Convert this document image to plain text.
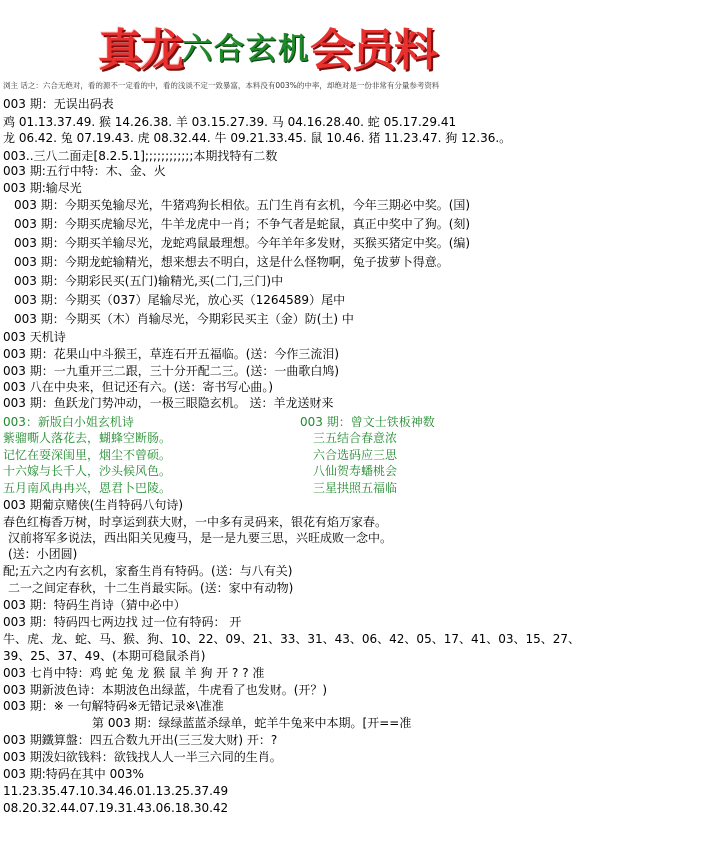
真龙六合玄机会员料
浏主 话之：六合无绝对，看的源不一定看的中，看的浅谈不定一致暴富，本料没有003%的中率，却绝对是一份非常有分量参考资料
003 期：无误出码表
鸡 01.13.37.49. 猴 14.26.38. 羊 03.15.27.39. 马 04.16.28.40. 蛇 05.17.29.41
龙 06.42. 兔 07.19.43. 虎 08.32.44. 牛 09.21.33.45. 鼠 10.46. 猪 11.23.47. 狗 12.36.。
003..三八二面走[8.2.5.1];;;;;;;;;;;;本期找特有二数
003 期:五行中特：木、金、火
003 期:输尽光
003 期：今期买兔输尽光，牛猪鸡狗长相依。五门生肖有玄机，今年三期必中奖。(国)
003 期：今期买虎输尽光，牛羊龙虎中一肖；不争气者是蛇鼠，真正中奖中了狗。(刻)
003 期：今期买羊输尽光，龙蛇鸡鼠最理想。今年羊年多发财，买猴买猪定中奖。(编)
003 期：今期龙蛇输精光，想来想去不明白，这是什么怪物啊，兔子拔萝卜得意。
003 期：今期彩民买(五门)输精光,买(二门,三门)中
003 期：今期买（037）尾输尽光，放心买（1264589）尾中
003 期：今期买（木）肖输尽光，今期彩民买主（金）防(土) 中
003 天机诗
003 期：花果山中斗猴王，草连石开五福临。(送：今作三流泪)
003 期：一九重开三二跟，三十分开配二三。(送：一曲歌白鸠)
003 八在中央来，但记还有六。(送：寄书写心曲。)
003 期：鱼跃龙门势冲动，一极三眼隐玄机。 送：羊龙送财来
003：新版白小姐玄机诗
紫骝嘶人落花去，蝴蜂空断肠。
记忆在耍深闺里，烟尘不曾硕。
十六嫁与长千人，沙头候风色。
五月南风冉冉兴，恩君卜巴陵。
003 期：曾文士铁板神数
三五结合春意浓
六合选码应三思
八仙贺寿蟠桃会
三星拱照五福临
003 期葡京赌侠(生肖特码八句诗)
春色红梅香万树，时享运到获大财，一中多有灵码来，银花有焰万家春。
汉前将军多说法，西出阳关见瘦马，是一是九要三思，兴旺成败一念中。
(送：小团圆)
配;五六之内有玄机，家畜生肖有特码。(送：与八有关)
二一之间定春秋，十二生肖最实际。(送：家中有动物)
003 期：特码生肖诗（猜中必中）
003 期：特码四七两边找 过一位有特码： 开
牛、虎、龙、蛇、马、猴、狗、10、22、09、21、33、31、43、06、42、05、17、41、03、15、27、
39、25、37、49、(本期可稳鼠杀肖)
003 七肖中特：鸡 蛇 兔 龙 猴 鼠 羊 狗 开 ? ? 准
003 期新波色诗：本期波色出绿蓝，牛虎看了也发财。(开？)
003 期：※ 一句解特码※无错记录※\准准
第 003 期：绿绿蓝蓝杀绿单，蛇羊牛兔来中本期。[开==准
003 期鐵算盤：四五合数九开出(三三发大财) 开：?
003 期泼妇欲钱料：欲钱找人人一半三六同的生肖。
003 期:特码在其中 003%
11.23.35.47.10.34.46.01.13.25.37.49
08.20.32.44.07.19.31.43.06.18.30.42
